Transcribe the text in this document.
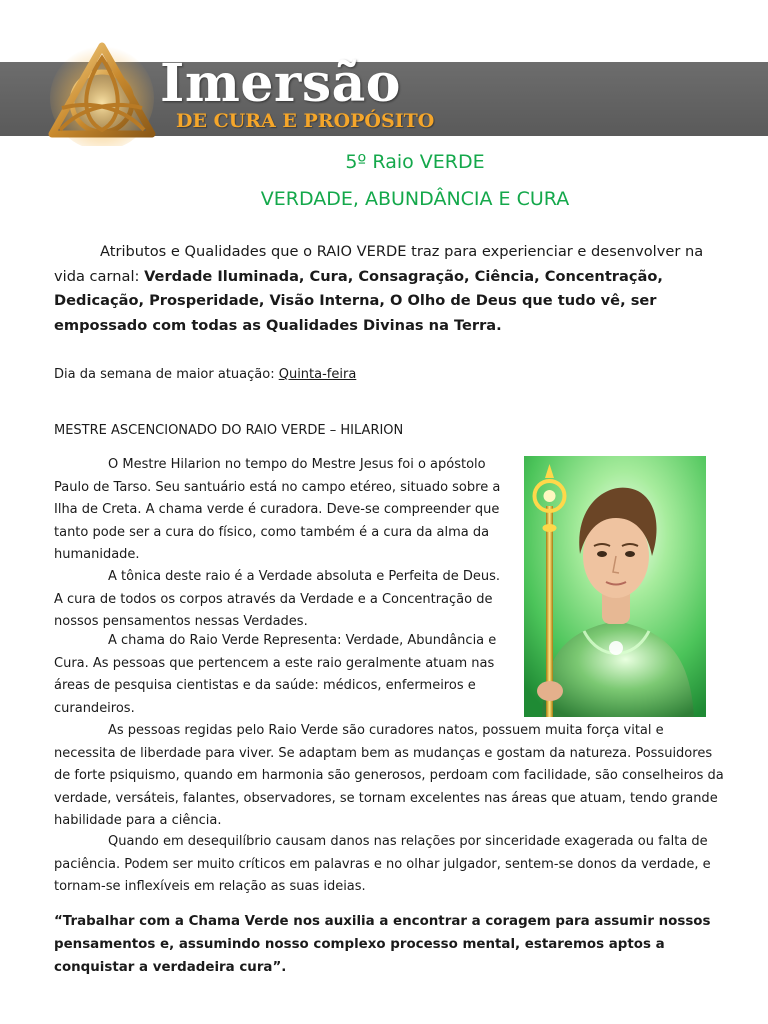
Imersão
DE CURA E PROPÓSITO
5º Raio VERDE
VERDADE, ABUNDÂNCIA E CURA
Atributos e Qualidades que o RAIO VERDE traz para experienciar e desenvolver na vida carnal: Verdade Iluminada, Cura, Consagração, Ciência, Concentração, Dedicação, Prosperidade, Visão Interna, O Olho de Deus que tudo vê, ser empossado com todas as Qualidades Divinas na Terra.
Dia da semana de maior atuação: Quinta-feira
MESTRE ASCENCIONADO DO RAIO VERDE – HILARION

O Mestre Hilarion no tempo do Mestre Jesus foi o apóstolo Paulo de Tarso. Seu santuário está no campo etéreo, situado sobre a Ilha de Creta. A chama verde é curadora. Deve-se compreender que tanto pode ser a cura do físico, como também é a cura da alma da humanidade.

A tônica deste raio é a Verdade absoluta e Perfeita de Deus. A cura de todos os corpos através da Verdade e a Concentração de nossos pensamentos nessas Verdades.

A chama do Raio Verde Representa: Verdade, Abundância e Cura. As pessoas que pertencem a este raio geralmente atuam nas áreas de pesquisa cientistas e da saúde: médicos, enfermeiros e curandeiros.

As pessoas regidas pelo Raio Verde são curadores natos, possuem muita força vital e necessita de liberdade para viver. Se adaptam bem as mudanças e gostam da natureza. Possuidores de forte psiquismo, quando em harmonia são generosos, perdoam com facilidade, são conselheiros da verdade, versáteis, falantes, observadores, se tornam excelentes nas áreas que atuam, tendo grande habilidade para a ciência.

Quando em desequilíbrio causam danos nas relações por sinceridade exagerada ou falta de paciência. Podem ser muito críticos em palavras e no olhar julgador, sentem-se donos da verdade, e tornam-se inflexíveis em relação as suas ideias.

“Trabalhar com a Chama Verde nos auxilia a encontrar a coragem para assumir nossos pensamentos e, assumindo nosso complexo processo mental, estaremos aptos a conquistar a verdadeira cura”.
